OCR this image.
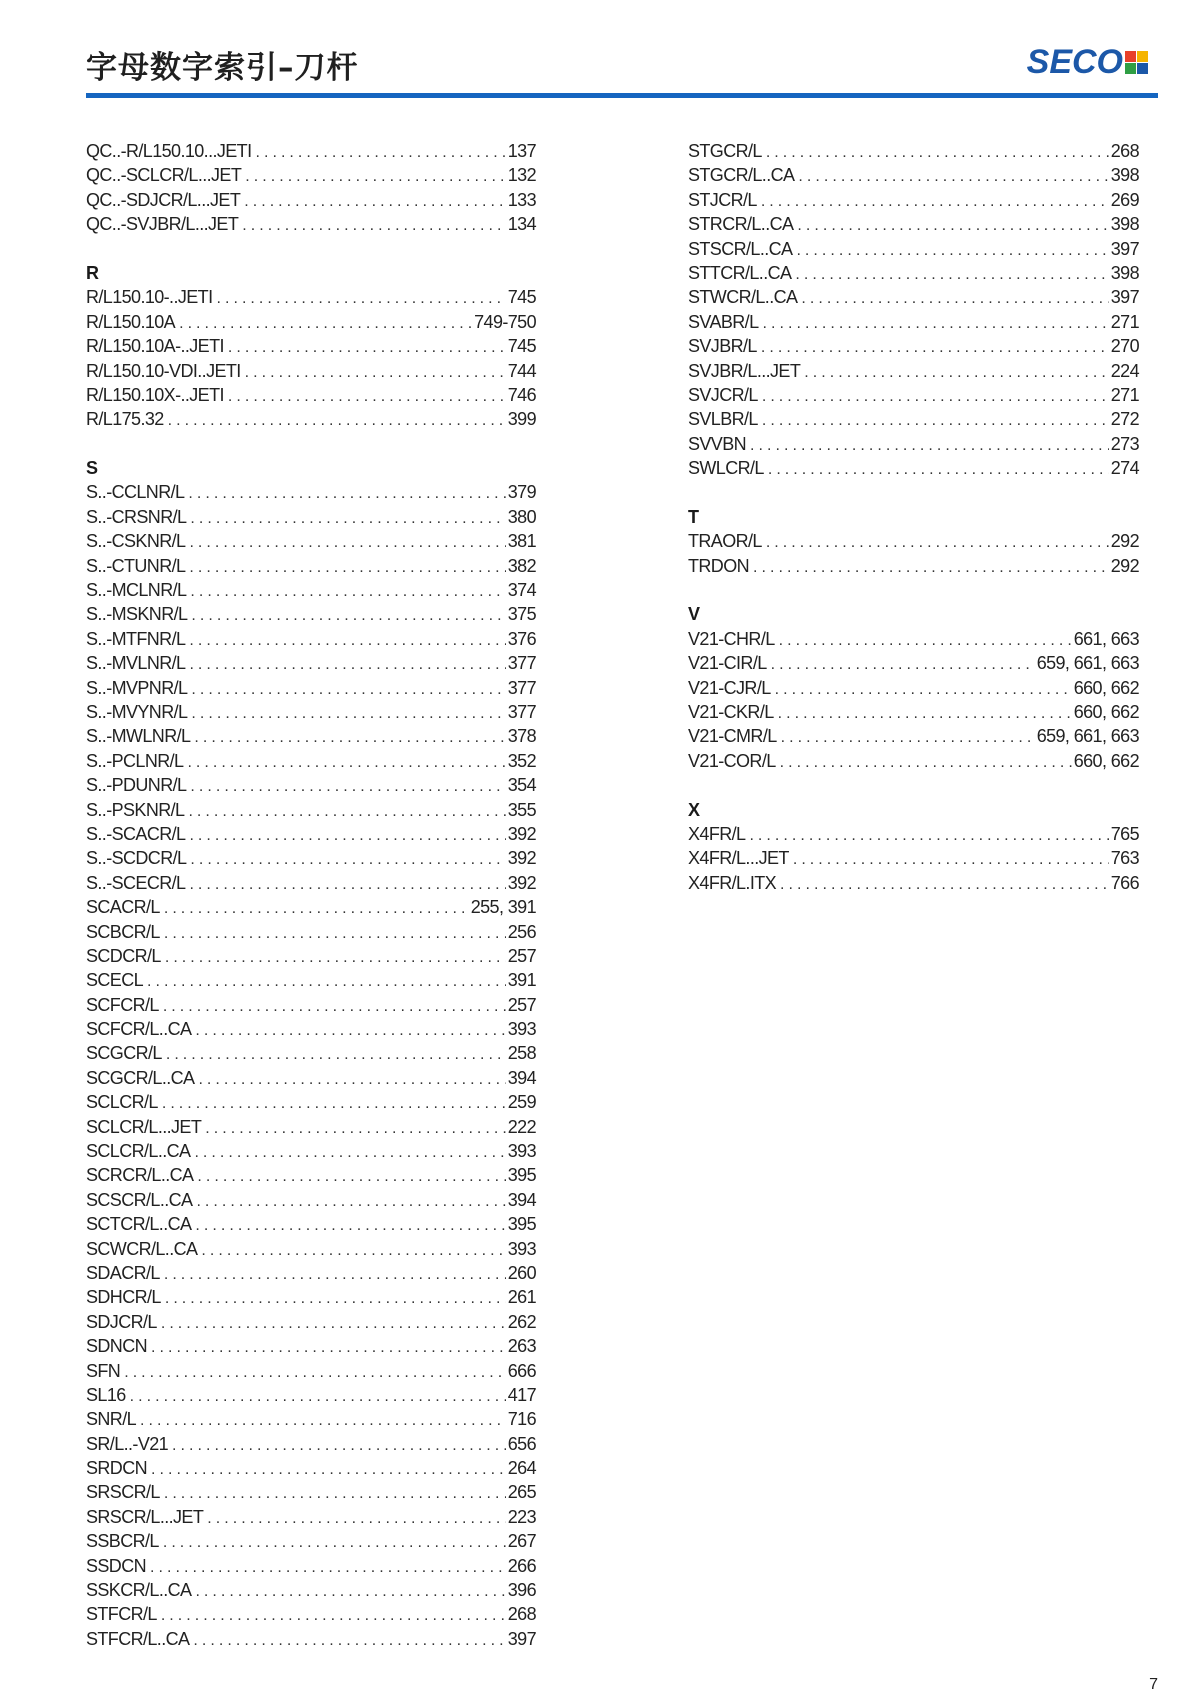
字母数字索引–刀杆	SECO
QC..-R/L150.10...JETI . . .	137
QC..-SCLCR/L...JET . . .	132
QC..-SDJCR/L...JET . . .	133
QC..-SVJBR/L...JET . . .	134
R
R/L150.10-..JETI . . .	745
R/L150.10A . . .	749-750
R/L150.10A-..JETI . . .	745
R/L150.10-VDI..JETI . . .	744
R/L150.10X-..JETI . . .	746
R/L175.32 . . .	399
S
S..-CCLNR/L . . .	379
S..-CRSNR/L . . .	380
S..-CSKNR/L . . .	381
S..-CTUNR/L . . .	382
S..-MCLNR/L . . .	374
S..-MSKNR/L . . .	375
S..-MTFNR/L . . .	376
S..-MVLNR/L . . .	377
S..-MVPNR/L . . .	377
S..-MVYNR/L . . .	377
S..-MWLNR/L . . .	378
S..-PCLNR/L . . .	352
S..-PDUNR/L . . .	354
S..-PSKNR/L . . .	355
S..-SCACR/L . . .	392
S..-SCDCR/L . . .	392
S..-SCECR/L . . .	392
SCACR/L . . .	255, 391
SCBCR/L . . .	256
SCDCR/L . . .	257
SCECL . . .	391
SCFCR/L . . .	257
SCFCR/L..CA . . .	393
SCGCR/L . . .	258
SCGCR/L..CA . . .	394
SCLCR/L . . .	259
SCLCR/L...JET . . .	222
SCLCR/L..CA . . .	393
SCRCR/L..CA . . .	395
SCSCR/L..CA . . .	394
SCTCR/L..CA . . .	395
SCWCR/L..CA . . .	393
SDACR/L . . .	260
SDHCR/L . . .	261
SDJCR/L . . .	262
SDNCN . . .	263
SFN . . .	666
SL16 . . .	417
SNR/L . . .	716
SR/L..-V21 . . .	656
SRDCN . . .	264
SRSCR/L . . .	265
SRSCR/L...JET . . .	223
SSBCR/L . . .	267
SSDCN . . .	266
SSKCR/L..CA . . .	396
STFCR/L . . .	268
STFCR/L..CA . . .	397
STGCR/L . . .	268
STGCR/L..CA . . .	398
STJCR/L . . .	269
STRCR/L..CA . . .	398
STSCR/L..CA . . .	397
STTCR/L..CA . . .	398
STWCR/L..CA . . .	397
SVABR/L . . .	271
SVJBR/L . . .	270
SVJBR/L...JET . . .	224
SVJCR/L . . .	271
SVLBR/L . . .	272
SVVBN . . .	273
SWLCR/L . . .	274
T
TRAOR/L . . .	292
TRDON . . .	292
V
V21-CHR/L . . .	661, 663
V21-CIR/L . . .	659, 661, 663
V21-CJR/L . . .	660, 662
V21-CKR/L . . .	660, 662
V21-CMR/L . . .	659, 661, 663
V21-COR/L . . .	660, 662
X
X4FR/L . . .	765
X4FR/L...JET . . .	763
X4FR/L.ITX . . .	766
7
